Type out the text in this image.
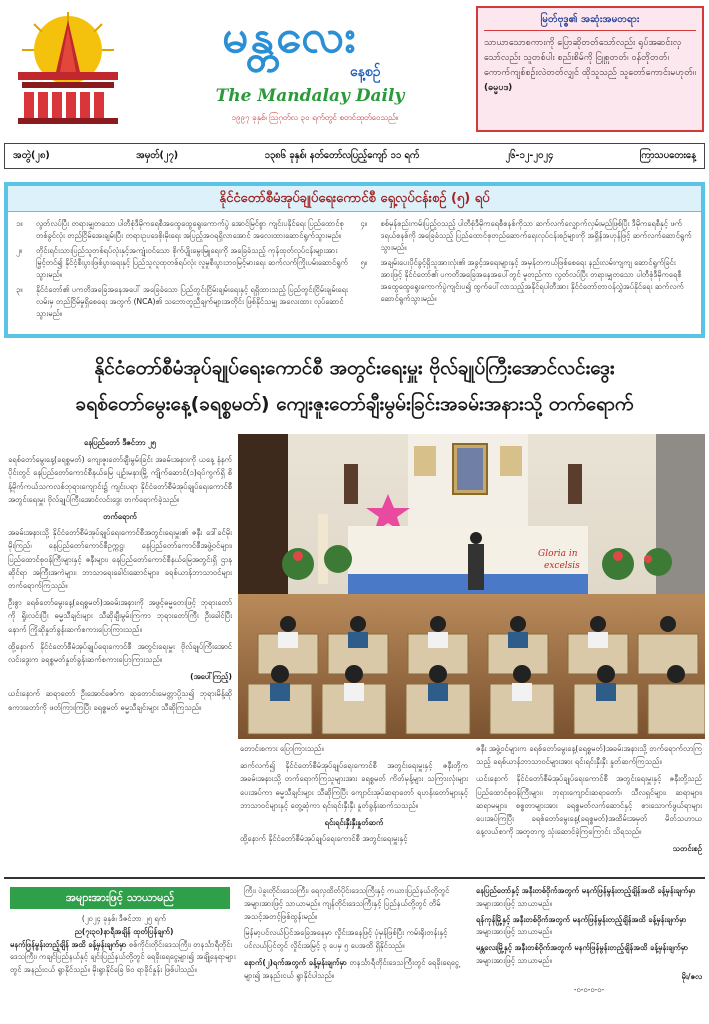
မန္တလေး
နေ့စဉ်
The Mandalay Daily
၁၉၉၇ ခုနှစ်၊ ဩဂုတ်လ ၃၀ ရက်တွင် စတင်ထုတ်ဝေသည်။
မြတ်ဗုဒ္ဓ၏ အဆုံးအမတရား
သာယာသောစကားကို ပြောဆိုတတ်သော်လည်း ရုပ်အဆင်းလှသော်လည်း သူတစ်ပါး စည်းစိမ်ကို ငြူစူတတ်၊ ဝန်တိုတတ်၊ ကောက်ကျစ်စဉ်းလဲတတ်လျှင် ထိုသူသည် သူတော်ကောင်းမဟုတ်။ (ဓမ္မပဒ)
အတွဲ(၂၈)	အမှတ်(၂၇)	၁၃၈၆ ခုနှစ်၊ နတ်တော်လပြည့်ကျော် ၁၁ ရက်	၂၆-၁၂-၂၀၂၄	ကြာသပတေးနေ့
နိုင်ငံတော်စီမံအုပ်ချုပ်ရေးကောင်စီ ရှေ့လုပ်ငန်းစဉ် (၅) ရပ်
၁။	လွတ်လပ်ပြီး တရားမျှတသော ပါတီစုံဒီမိုကရေစီအထွေထွေရွေးကောက်ပွဲ အောင်မြင်စွာ ကျင်းပနိုင်ရေး ပြည်ထောင်စုတစ်ခွင်လုံး တည်ငြိမ်အေးချမ်းပြီး တရားဥပဒေစိုးမိုးရေး အပြည့်အဝရရှိလာအောင် အလေးထားဆောင်ရွက်သွားမည်။
၂။	တိုင်းရင်းသားပြည်သူတစ်ရပ်လုံးနှင့်အကျုံးဝင်သော စိုက်ပျိုးမွေးမြူရေးကို အခြေခံသည့် ကုန်ထုတ်လုပ်ငန်းများအား မြှင့်တင်၍ နိုင်ငံ့စီးပွားဖြစ်ပွားရေးနှင့် ပြည်သူလူထုတစ်ရပ်လုံး လူမှုစီးပွားဘဝမြင့်မားရေး ဆက်လက်ကြိုးပမ်းဆောင်ရွက်သွားမည်။
၃။	နိုင်ငံတော်၏ ပကတိအခြေအနေအပေါ် အခြေခံသော ပြည်တွင်းငြိမ်းချမ်းရေးနှင့် ရရှိထားသည့် ပြည်တွင်းငြိမ်းချမ်းရေးလမ်းမှ တည်ငြိမ်မှုရှိစေရေး အတွက် (NCA)၏ သဘောတူညီချက်များအတိုင်း ဖြစ်နိုင်သမျှ အလေးထား လုပ်ဆောင်သွားမည်။
၄။	စစ်မှန်စည်းကမ်းပြည့်ဝသည့် ပါတီစုံဒီမိုကရေစီစနစ်ကိုသာ ဆက်လက်လျှောက်လှမ်းမည်ဖြစ်ပြီး ဒီမိုကရေစီနှင့် ဖက်ဒရယ်စနစ်ကို အခြေခံသည့် ပြည်ထောင်စုတည်ဆောက်ရေးလုပ်ငန်းစဉ်များကို အရှိန်အဟုန်ဖြင့် ဆက်လက်ဆောင်ရွက်သွားမည်။
၅။	အချမ်းပေးပိုင်ခွင့်ရှိသူအားလုံး၏ အခွင့်အရေးများနှင့် အမှန်တကယ်ဖြစ်စေရေး နည်းလမ်းကျကျ ဆောင်ရွက်ခြင်းအားဖြင့် နိုင်ငံတော်၏ ပကတိအခြေအနေအပေါ်တွင် မူတည်ကာ လွတ်လပ်ပြီး တရားမျှတသော ပါတီစုံဒီမိုကရေစီ အထွေထွေရွေးကောက်ပွဲကျင်းပ၍ ထွက်ပေါ်လာသည့်အနိုင်ရပါတီအား နိုင်ငံတော်တာဝန်လွှဲအပ်နိုင်ရေး ဆက်လက်ဆောင်ရွက်သွားမည်။
နိုင်ငံတော်စီမံအုပ်ချုပ်ရေးကောင်စီ အတွင်းရေးမှူး ဗိုလ်ချုပ်ကြီးအောင်လင်းဒွေး
ခရစ်တော်မွေးနေ့(ခရစ္စမတ်) ကျေးဇူးတော်ချီးမွမ်းခြင်းအခမ်းအနားသို့ တက်ရောက်

နေပြည်တော် ဒီဇင်ဘာ ၂၅

ခရစ်တော်မွေးနေ့(ခရစ္စမတ်) ကျေးဇူးတော်ချီးမွမ်းခြင်း အခမ်းအနားကို ယနေ့ နံနက်ပိုင်းတွင် နေပြည်တော်ကောင်စီနယ်မြေ ပျဉ်းမနားမြို့ ကျိုက်ဆောင်(၁)ရပ်ကွက်ရှိ စိန့်မိုက်ကယ်သကလစ်ဘုရားကျောင်း၌ ကျင်းပရာ နိုင်ငံတော်စီမံအုပ်ချုပ်ရေးကောင်စီအတွင်းရေးမှူး ဗိုလ်ချုပ်ကြီးအောင်လင်းဒွေး တက်ရောက်ခဲ့သည်။

တက်ရောက်

အခမ်းအနားသို့ နိုင်ငံတော်စီမံအုပ်ချုပ်ရေးကောင်စီအတွင်းရေးမှူး၏ ဇနီး ဒေါ်ခင်မိုးမိုးကြည်၊ နေပြည်တော်ကောင်စီဥက္ကဋ္ဌ၊ နေပြည်တော်ကောင်စီအဖွဲ့ဝင်များ၊ ပြည်ထောင်စုဝန်ကြီးများနှင့် ဇနီးများ၊ နေပြည်တော်ကောင်စီနယ်မြေအတွင်းရှိ ဌာနဆိုင်ရာ အကြီးအကဲများ၊ ဘာသာရေးခေါင်းဆောင်များ၊ ခရစ်ယာန်ဘာသာဝင်များ တက်ရောက်ကြသည်။

ဦးစွာ ခရစ်တော်မွေးနေ့(ခရစ္စမတ်)အခမ်းအနားကို အဖွင့်ဓမ္မတေးဖြင့် ဘုရားတော်ကို ရှိုးလင်းပြီး ဓမ္မသီချင်းများ သီဆိုချီးမွမ်းကြကာ ဘုရားတော်ကြီး ဦးခေါင်ပြီးနောက် ကြိုဆိုနှုတ်ခွန်းဆက်စကားပြောကြားသည်။

ထို့နောက် နိုင်ငံတော်စီမံအုပ်ချုပ်ရေးကောင်စီ အတွင်းရေးမှူး ဗိုလ်ချုပ်ကြီးအောင်လင်းဒွေးက ခရစ္စမတ်နှုတ်ခွန်းဆက်စကားပြောကြားသည်။

(အပေါ်ကြည့်)

ယင်းနောက် ဆရာတော် ဦးအောင်ဇော်က ဆုတောင်းမေတ္တာပို့သ၍ ဘုရားမိန့်ဆိုစကားတော်ကို ဖတ်ကြားကြပြီး ခရစ္စမတ် ဓမ္မသီချင်းများ သီဆိုကြသည်။

Gloria in
excelsis

တောင်းစကား ပြောကြားသည်။

ဆက်လက်၍ နိုင်ငံတော်စီမံအုပ်ချုပ်ရေးကောင်စီ အတွင်းရေးမှူးနှင့် ဇနီးတို့က အခမ်းအနားသို့ တက်ရောက်ကြသူများအား ခရစ္စမတ် ကိတ်မုန့်များ သကြားလုံးများ ပေးအပ်ကာ ဓမ္မသီချင်းများ သီဆိုကြပြီး ကျောင်းအုပ်ဆရာတော် ရဟန်းတော်များနှင့် ဘာသာဝင်များနှင့် တွေ့ဆုံကာ ရင်းရင်းနှီးနှီး နှုတ်ခွန်းဆက်သသည်။

ရင်းရင်းနှီးနှီးနှုတ်ဆက်

ထို့နောက် နိုင်ငံတော်စီမံအုပ်ချုပ်ရေးကောင်စီ အတွင်းရေးမှူးနှင့်

ဇနီး အဖွဲ့ဝင်များက ခရစ်တော်မွေးနေ့(ခရစ္စမတ်)အခမ်းအနားသို့ တက်ရောက်လာကြသည့် ခရစ်ယာန်ဘာသာဝင်များအား ရင်းရင်းနှီးနှီး နှုတ်ဆက်ကြသည်။

ယင်းနောက် နိုင်ငံတော်စီမံအုပ်ချုပ်ရေးကောင်စီ အတွင်းရေးမှူးနှင့် ဇနီးတို့သည် ပြည်ထောင်စုဝန်ကြီးများ၊ ဘုရားကျောင်းဆရာတော်၊ သီလရှင်များ၊ ဆရာများ၊ ဆရာမများ၊ စစ္စတာများအား ခရစ္စမတ်လက်ဆောင်နှင့် စားသောက်ဖွယ်ရာများ ပေးအပ်ကြပြီး ခရစ်တော်မွေးနေ့(ခရစ္စမတ်)အထိမ်းအမှတ် မိတ်သဟာယ နေ့လယ်စာကို အတူတကွ သုံးဆောင်ခဲ့ကြကြောင်း သိရသည်။

သတင်းစဉ်

အများအားဖြင့် သာယာမည်
(၂၀၂၄ ခုနှစ်၊ ဒီဇင်ဘာ ၂၅ ရက်
ည(၇း၃၀)နာရီအချိန် ထုတ်ပြန်ချက်)
မနက်ဖြန်မွန်းတည့်ချိန် အထိ ခန့်မှန်းချက်မှာ စစ်ကိုင်းတိုင်းဒေသကြီး၊ တနင်္သာရီတိုင်းဒေသကြီး၊ ကချင်ပြည်နယ်နှင့် ချင်းပြည်နယ်တို့တွင် ရေခိုးရေငွေ့များ၍ အချို့နေရာများတွင် အနည်းငယ် ရွာနိုင်သည်။ မိုးရွာနိုင်ခြေ ၆၀ ရာခိုင်နှုန်း ဖြစ်ပါသည်။
ကြီး၊ ပဲခူးတိုင်းဒေသကြီး၊ ရေလှထိတ်ပိုင်းဒေသကြီးနှင့် ကယားပြည်နယ်တို့တွင် အများအားဖြင့် သာယာမည်။ ကျန်တိုင်းဒေသကြီးနှင့် ပြည်နယ်တို့တွင် တိမ်အသင့်အတင့်ဖြစ်ထွန်းမည်။
မြန်မာ့ပင်လယ်ပြင်အခြေအနေမှာ လှိုင်းအနေဖြင့် ပုံမှန်ဖြစ်ပြီး ကမ်းရိုးတန်းနှင့် ပင်လယ်ပြင်တွင် လှိုင်းအမြင့် ၃ ပေမှ ၅ ပေအထိ ရှိနိုင်သည်။
နောက်(၂)ရက်အတွက် ခန့်မှန်းချက်မှာ တနင်္သာရီတိုင်းဒေသကြီးတွင် ရေခိုးရေငွေ့များ၍ အနည်းငယ် ရွာနိုင်ပါသည်။
နေပြည်တော်နှင့် အနီးတစ်ဝိုက်အတွက် မနက်ဖြန်မွန်းတည့်ချိန်အထိ ခန့်မှန်းချက်မှာ အများအားဖြင့် သာယာမည်။
ရန်ကုန်မြို့နှင့် အနီးတစ်ဝိုက်အတွက် မနက်ဖြန်မွန်းတည့်ချိန်အထိ ခန့်မှန်းချက်မှာ အများအားဖြင့် သာယာမည်။
မန္တလေးမြို့နှင့် အနီးတစ်ဝိုက်အတွက် မနက်ဖြန်မွန်းတည့်ချိန်အထိ ခန့်မှန်းချက်မှာ အများအားဖြင့် သာယာမည်။
မိုး/ဇလ
-၀-၀-၀-၀-
